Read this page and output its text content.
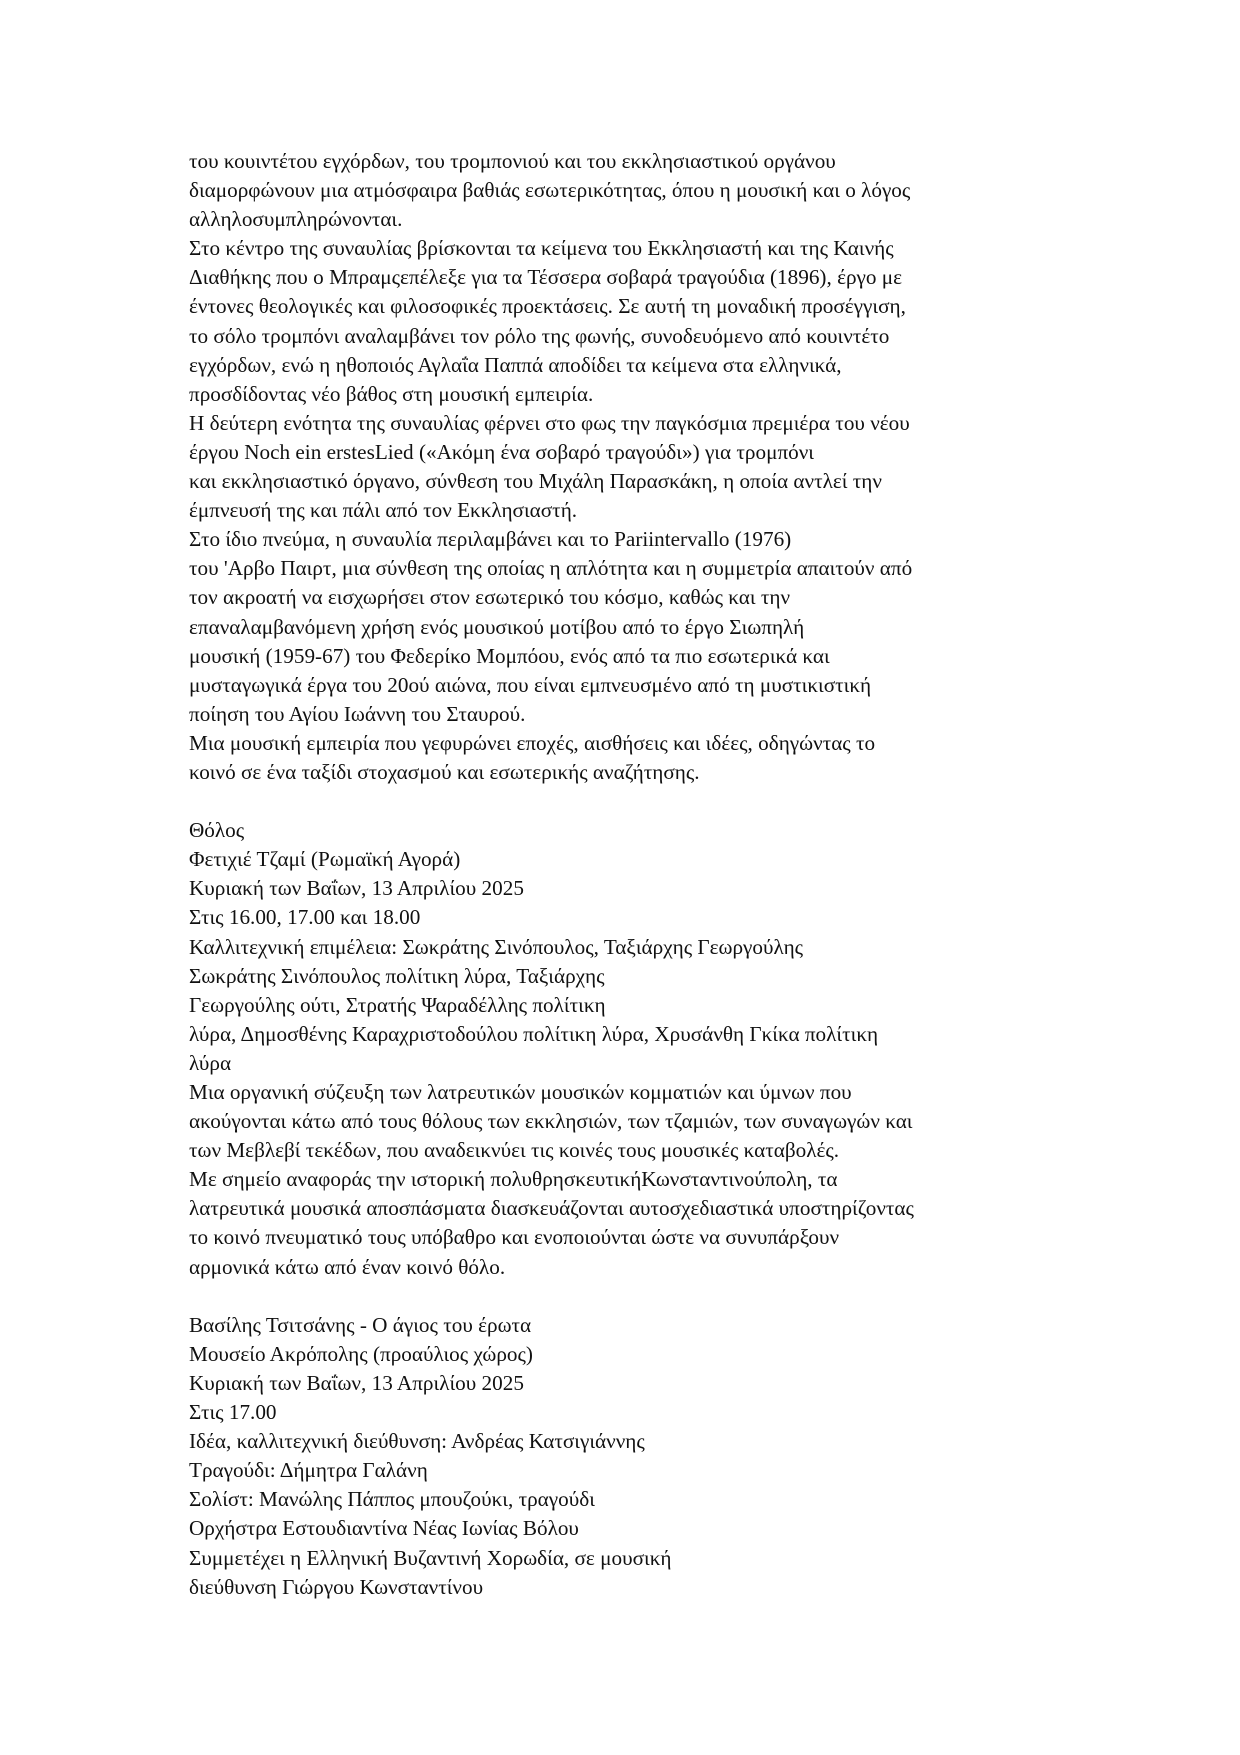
του κουιντέτου εγχόρδων, του τρομπονιού και του εκκλησιαστικού οργάνου
διαμορφώνουν μια ατμόσφαιρα βαθιάς εσωτερικότητας, όπου η μουσική και ο λόγος
αλληλοσυμπληρώνονται.
Στο κέντρο της συναυλίας βρίσκονται τα κείμενα του Εκκλησιαστή και της Καινής
Διαθήκης που ο Μπραμςεπέλεξε για τα Τέσσερα σοβαρά τραγούδια (1896), έργο με
έντονες θεολογικές και φιλοσοφικές προεκτάσεις. Σε αυτή τη μοναδική προσέγγιση,
το σόλο τρομπόνι αναλαμβάνει τον ρόλο της φωνής, συνοδευόμενο από κουιντέτο
εγχόρδων, ενώ η ηθοποιός Αγλαΐα Παππά αποδίδει τα κείμενα στα ελληνικά,
προσδίδοντας νέο βάθος στη μουσική εμπειρία.
Η δεύτερη ενότητα της συναυλίας φέρνει στο φως την παγκόσμια πρεμιέρα του νέου
έργου Noch ein erstesLied («Ακόμη ένα σοβαρό τραγούδι») για τρομπόνι
και εκκλησιαστικό όργανο, σύνθεση του Μιχάλη Παρασκάκη, η οποία αντλεί την
έμπνευσή της και πάλι από τον Εκκλησιαστή.
Στο ίδιο πνεύμα, η συναυλία περιλαμβάνει και το Pariintervallo (1976)
του 'Αρβο Παιρτ, μια σύνθεση της οποίας η απλότητα και η συμμετρία απαιτούν από
τον ακροατή να εισχωρήσει στον εσωτερικό του κόσμο, καθώς και την
επαναλαμβανόμενη χρήση ενός μουσικού μοτίβου από το έργο Σιωπηλή
μουσική (1959-67) του Φεδερίκο Μομπόου, ενός από τα πιο εσωτερικά και
μυσταγωγικά έργα του 20ού αιώνα, που είναι εμπνευσμένο από τη μυστικιστική
ποίηση του Αγίου Ιωάννη του Σταυρού.
Μια μουσική εμπειρία που γεφυρώνει εποχές, αισθήσεις και ιδέες, οδηγώντας το
κοινό σε ένα ταξίδι στοχασμού και εσωτερικής αναζήτησης.
Θόλος
Φετιχιέ Τζαμί (Ρωμαϊκή Αγορά)
Κυριακή των Βαΐων, 13 Απριλίου 2025
Στις 16.00, 17.00 και 18.00
Καλλιτεχνική επιμέλεια: Σωκράτης Σινόπουλος, Ταξιάρχης Γεωργούλης
Σωκράτης Σινόπουλος πολίτικη λύρα, Ταξιάρχης
Γεωργούλης ούτι, Στρατής Ψαραδέλλης πολίτικη
λύρα, Δημοσθένης Καραχριστοδούλου πολίτικη λύρα, Χρυσάνθη Γκίκα πολίτικη
λύρα
Μια οργανική σύζευξη των λατρευτικών μουσικών κομματιών και ύμνων που
ακούγονται κάτω από τους θόλους των εκκλησιών, των τζαμιών, των συναγωγών και
των Μεβλεβί τεκέδων, που αναδεικνύει τις κοινές τους μουσικές καταβολές.
Με σημείο αναφοράς την ιστορική πολυθρησκευτικήΚωνσταντινούπολη, τα
λατρευτικά μουσικά αποσπάσματα διασκευάζονται αυτοσχεδιαστικά υποστηρίζοντας
το κοινό πνευματικό τους υπόβαθρο και ενοποιούνται ώστε να συνυπάρξουν
αρμονικά κάτω από έναν κοινό θόλο.
Βασίλης Τσιτσάνης - Ο άγιος του έρωτα
Μουσείο Ακρόπολης (προαύλιος χώρος)
Κυριακή των Βαΐων, 13 Απριλίου 2025
Στις 17.00
Ιδέα, καλλιτεχνική διεύθυνση: Ανδρέας Κατσιγιάννης
Τραγούδι: Δήμητρα Γαλάνη
Σολίστ: Μανώλης Πάππος μπουζούκι, τραγούδι
Ορχήστρα Εστουδιαντίνα Νέας Ιωνίας Βόλου
Συμμετέχει η Ελληνική Βυζαντινή Χορωδία, σε μουσική
διεύθυνση Γιώργου Κωνσταντίνου
